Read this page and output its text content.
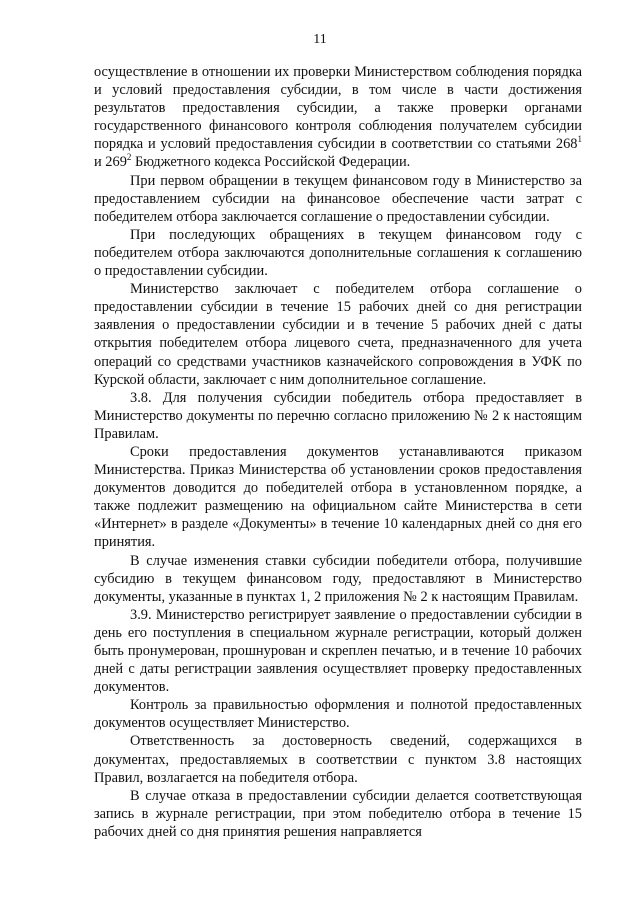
11

осуществление в отношении их проверки Министерством соблюдения порядка и условий предоставления субсидии, в том числе в части достижения результатов предоставления субсидии, а также проверки органами государственного финансового контроля соблюдения получателем субсидии порядка и условий предоставления субсидии в соответствии со статьями $268^1$ и $269^2$ Бюджетного кодекса Российской Федерации.

При первом обращении в текущем финансовом году в Министерство за предоставлением субсидии на финансовое обеспечение части затрат с победителем отбора заключается соглашение о предоставлении субсидии.

При последующих обращениях в текущем финансовом году с победителем отбора заключаются дополнительные соглашения к соглашению о предоставлении субсидии.

Министерство заключает с победителем отбора соглашение о предоставлении субсидии в течение 15 рабочих дней со дня регистрации заявления о предоставлении субсидии и в течение 5 рабочих дней с даты открытия победителем отбора лицевого счета, предназначенного для учета операций со средствами участников казначейского сопровождения в УФК по Курской области, заключает с ним дополнительное соглашение.

3.8. Для получения субсидии победитель отбора предоставляет в Министерство документы по перечню согласно приложению № 2 к настоящим Правилам.

Сроки предоставления документов устанавливаются приказом Министерства. Приказ Министерства об установлении сроков предоставления документов доводится до победителей отбора в установленном порядке, а также подлежит размещению на официальном сайте Министерства в сети «Интернет» в разделе «Документы» в течение 10 календарных дней со дня его принятия.

В случае изменения ставки субсидии победители отбора, получившие субсидию в текущем финансовом году, предоставляют в Министерство документы, указанные в пунктах 1, 2 приложения № 2 к настоящим Правилам.

3.9. Министерство регистрирует заявление о предоставлении субсидии в день его поступления в специальном журнале регистрации, который должен быть пронумерован, прошнурован и скреплен печатью, и в течение 10 рабочих дней с даты регистрации заявления осуществляет проверку предоставленных документов.

Контроль за правильностью оформления и полнотой предоставленных документов осуществляет Министерство.

Ответственность за достоверность сведений, содержащихся в документах, предоставляемых в соответствии с пунктом 3.8 настоящих Правил, возлагается на победителя отбора.

В случае отказа в предоставлении субсидии делается соответствующая запись в журнале регистрации, при этом победителю отбора в течение 15 рабочих дней со дня принятия решения направляется
